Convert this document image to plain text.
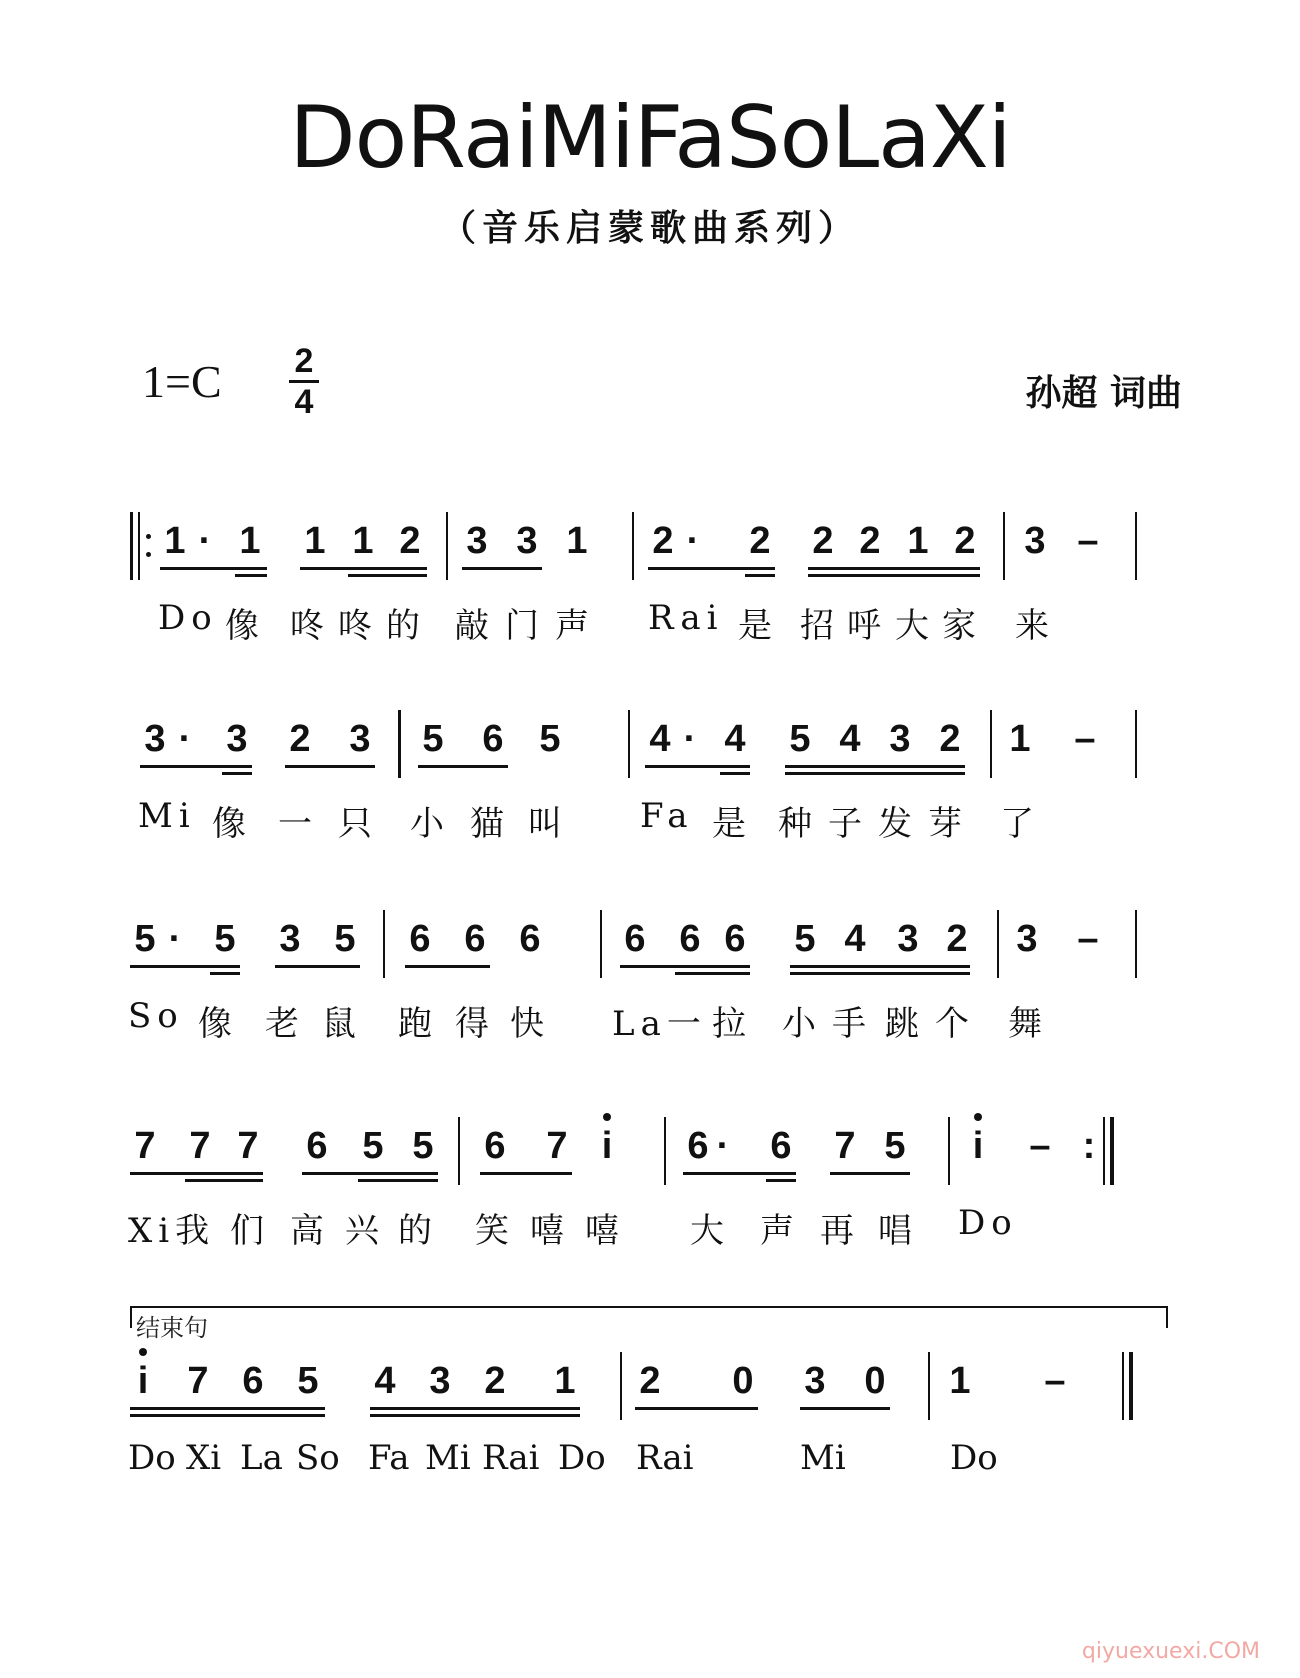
DoRaiMiFaSoLaXi
（音乐启蒙歌曲系列）
1=C 2
4	孙超 词曲
1 · 1 1 1 2 3 3 1 2 · 2 2 2 1 2 3 –
Do 像 咚 咚 的 敲 门 声 Rai 是 招 呼 大 家 来
3 · 3 2 3 5 6 5 4 · 4 5 4 3 2 1 –
Mi 像 一 只 小 猫 叫 Fa 是 种 子 发 芽 了
5 · 5 3 5 6 6 6 6 6 6 5 4 3 2 3 –
So 像 老 鼠 跑 得 快 La一 拉 小 手 跳 个 舞
7 7 7 6 5 5 6 7 i 6 · 6 7 5 i – :
Xi我 们 高 兴 的 笑 嘻 嘻 大 声 再 唱 Do
结束句
i 7 6 5 4 3 2 1 2 0 3 0 1 –
Do Xi La So Fa Mi Rai Do Rai	Mi	Do
qiyuexuexi.COM
